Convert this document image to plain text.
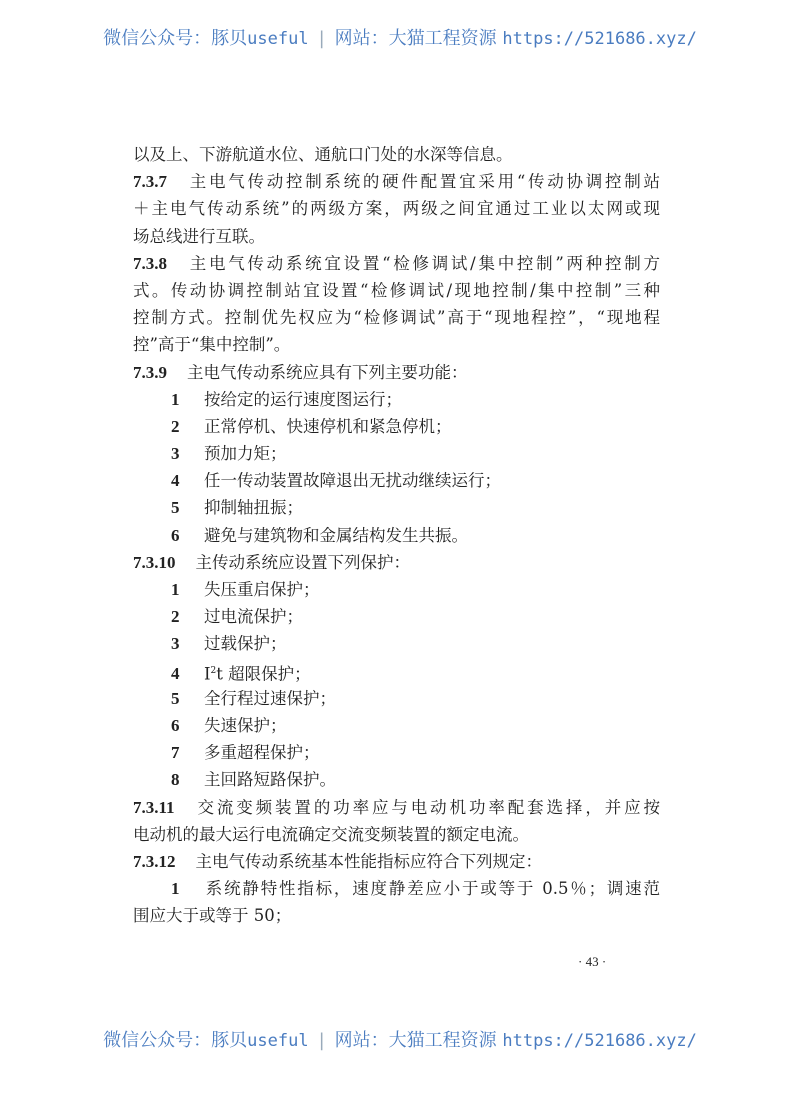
微信公众号：豚贝useful | 网站：大猫工程资源 https://521686.xyz/
以及上、下游航道水位、通航口门处的水深等信息。
7.3.7 主电气传动控制系统的硬件配置宜采用“传动协调控制站
＋主电气传动系统”的两级方案，两级之间宜通过工业以太网或现
场总线进行互联。
7.3.8 主电气传动系统宜设置“检修调试/集中控制”两种控制方
式。传动协调控制站宜设置“检修调试/现地控制/集中控制”三种
控制方式。控制优先权应为“检修调试”高于“现地程控”，“现地程
控”高于“集中控制”。
7.3.9 主电气传动系统应具有下列主要功能：
1 按给定的运行速度图运行；
2 正常停机、快速停机和紧急停机；
3 预加力矩；
4 任一传动装置故障退出无扰动继续运行；
5 抑制轴扭振；
6 避免与建筑物和金属结构发生共振。
7.3.10 主传动系统应设置下列保护：
1 失压重启保护；
2 过电流保护；
3 过载保护；
4 $I^2t$ 超限保护；
5 全行程过速保护；
6 失速保护；
7 多重超程保护；
8 主回路短路保护。
7.3.11 交流变频装置的功率应与电动机功率配套选择，并应按
电动机的最大运行电流确定交流变频装置的额定电流。
7.3.12 主电气传动系统基本性能指标应符合下列规定：
1 系统静特性指标，速度静差应小于或等于 0.5％；调速范
围应大于或等于 50；
· 43 ·
微信公众号：豚贝useful | 网站：大猫工程资源 https://521686.xyz/
